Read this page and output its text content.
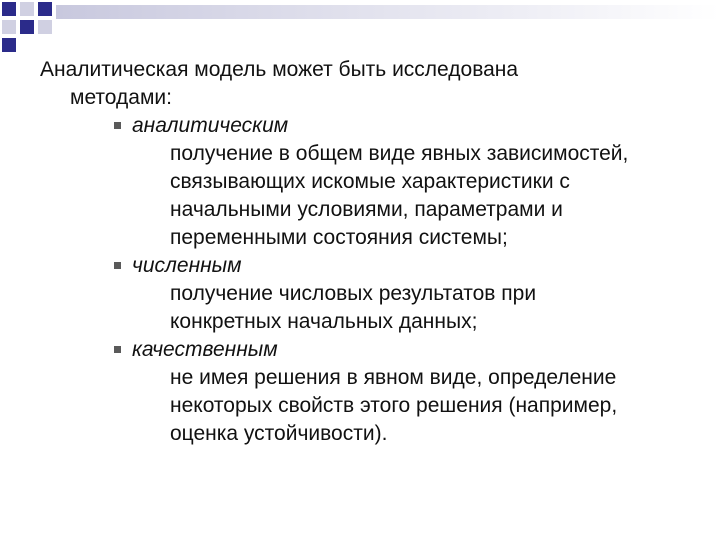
Аналитическая модель может быть исследована
методами:

аналитическим
получение в общем виде явных зависимостей,
связывающих искомые характеристики с
начальными условиями, параметрами и
переменными состояния системы;
численным
получение числовых результатов при
конкретных начальных данных;
качественным
не имея решения в явном виде, определение
некоторых свойств этого решения (например,
оценка устойчивости).
